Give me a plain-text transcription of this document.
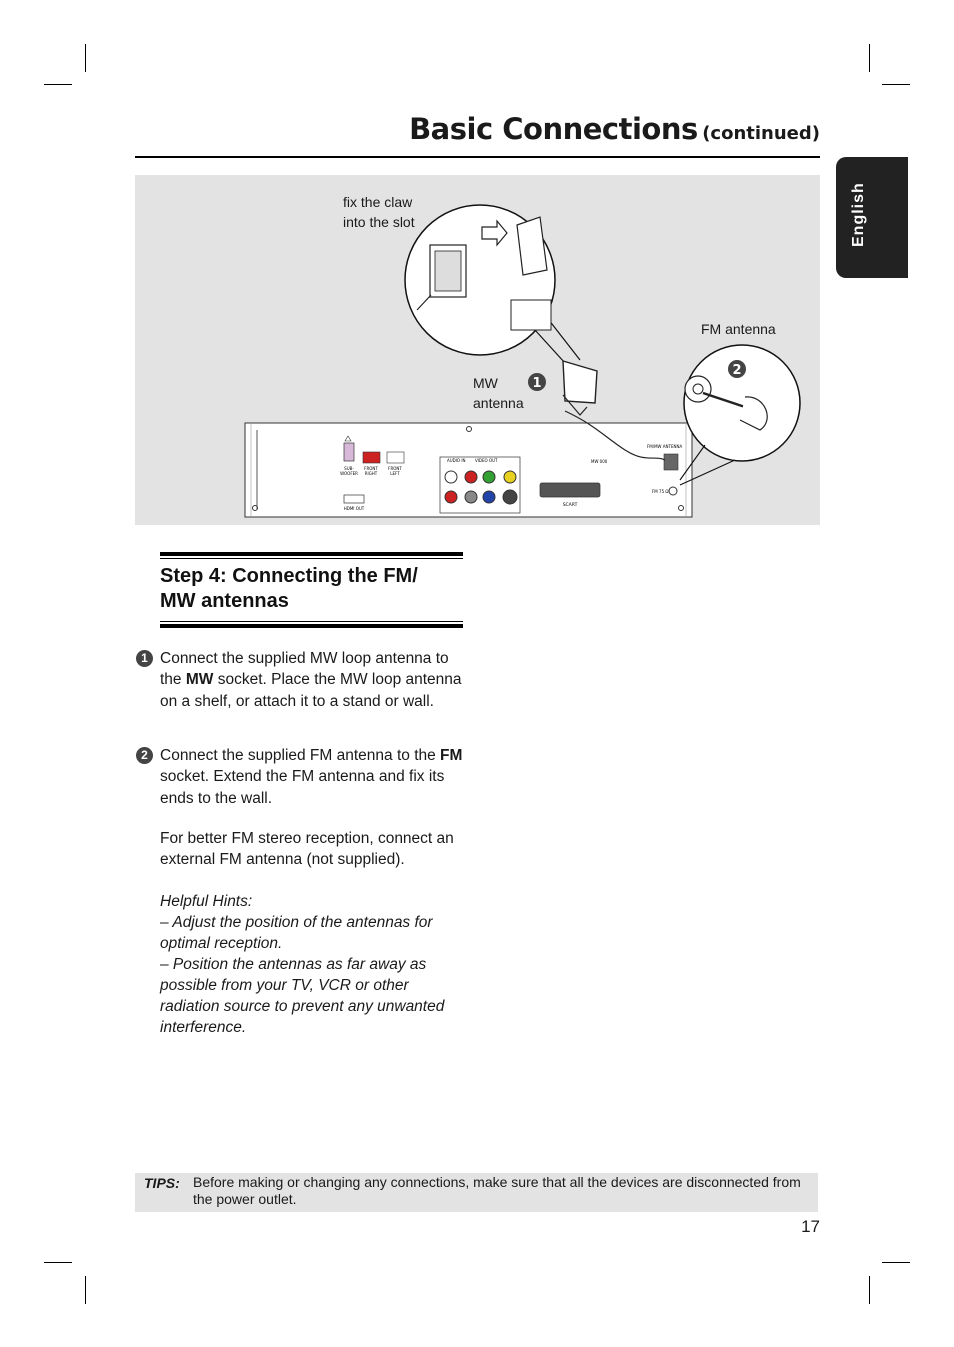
Basic Connections (continued)
English
SUB-
WOOFER
FRONT
RIGHT
FRONT
LEFT
HDMI OUT
AUDIO IN VIDEO OUT
SCART
FM/MW ANTENNA
MW 000
FM 75 Ω
1
2
fix the claw
into the slot
FM antenna
MW
antenna
Step 4: Connecting the FM/
MW antennas
1 Connect the supplied MW loop antenna to the MW socket. Place the MW loop antenna on a shelf, or attach it to a stand or wall.
2 Connect the supplied FM antenna to the FM socket. Extend the FM antenna and fix its ends to the wall.
For better FM stereo reception, connect an external FM antenna (not supplied).
Helpful Hints:
– Adjust the position of the antennas for optimal reception.
– Position the antennas as far away as possible from your TV, VCR or other radiation source to prevent any unwanted interference.
TIPS: Before making or changing any connections, make sure that all the devices are disconnected from the power outlet.
17
